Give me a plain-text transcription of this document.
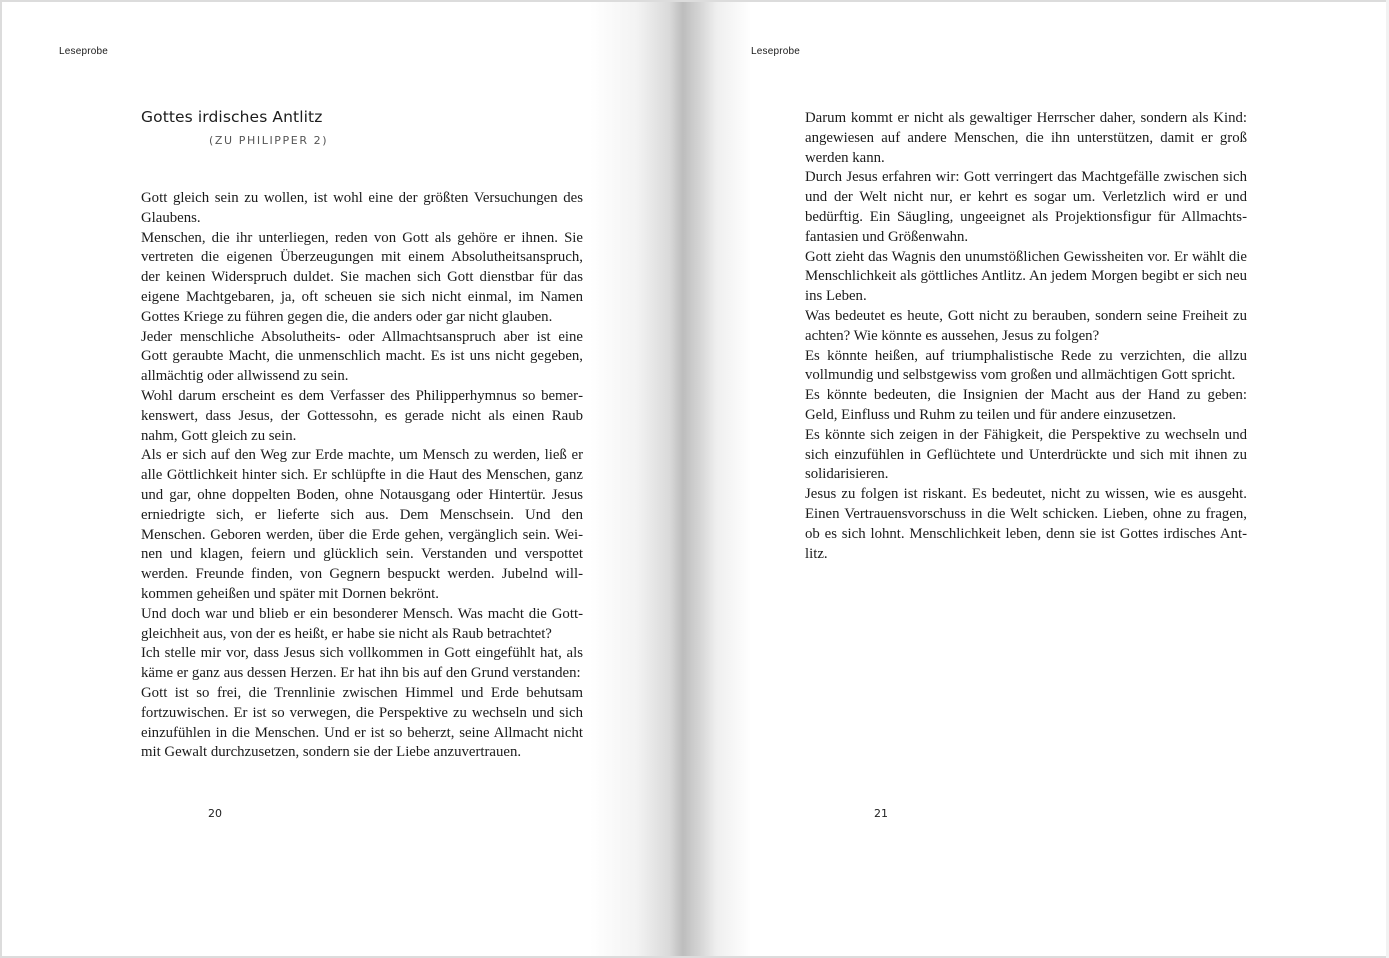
Leseprobe
Gottes irdisches Antlitz
(ZU PHILIPPER 2)

Gott gleich sein zu wollen, ist wohl eine der größten Versuchungen des Glaubens.

Menschen, die ihr unterliegen, reden von Gott als gehöre er ihnen. Sie vertreten die eigenen Überzeugungen mit einem Absolutheitsanspruch, der keinen Widerspruch duldet. Sie machen sich Gott dienstbar für das eigene Machtgebaren, ja, oft scheuen sie sich nicht einmal, im Namen Gottes Kriege zu führen gegen die, die anders oder gar nicht glauben.

Jeder menschliche Absolutheits- oder Allmachtsanspruch aber ist eine Gott geraubte Macht, die unmenschlich macht. Es ist uns nicht gegeben, allmächtig oder allwissend zu sein.

Wohl darum erscheint es dem Verfasser des Philipperhymnus so bemerkenswert, dass Jesus, der Gottessohn, es gerade nicht als einen Raub nahm, Gott gleich zu sein.

Als er sich auf den Weg zur Erde machte, um Mensch zu werden, ließ er alle Göttlichkeit hinter sich. Er schlüpfte in die Haut des Menschen, ganz und gar, ohne doppelten Boden, ohne Notausgang oder Hintertür. Jesus erniedrigte sich, er lieferte sich aus. Dem Menschsein. Und den Menschen. Geboren werden, über die Erde gehen, vergänglich sein. Weinen und klagen, feiern und glücklich sein. Verstanden und verspottet werden. Freunde finden, von Gegnern bespuckt werden. Jubelnd willkommen geheißen und später mit Dornen bekrönt.

Und doch war und blieb er ein besonderer Mensch. Was macht die Gottgleichheit aus, von der es heißt, er habe sie nicht als Raub betrachtet?

Ich stelle mir vor, dass Jesus sich vollkommen in Gott eingefühlt hat, als käme er ganz aus dessen Herzen. Er hat ihn bis auf den Grund verstanden:

Gott ist so frei, die Trennlinie zwischen Himmel und Erde behutsam fortzuwischen. Er ist so verwegen, die Perspektive zu wechseln und sich einzufühlen in die Menschen. Und er ist so beherzt, seine Allmacht nicht mit Gewalt durchzusetzen, sondern sie der Liebe anzuvertrauen.

20
Leseprobe

Darum kommt er nicht als gewaltiger Herrscher daher, sondern als Kind: angewiesen auf andere Menschen, die ihn unterstützen, damit er groß werden kann.

Durch Jesus erfahren wir: Gott verringert das Machtgefälle zwischen sich und der Welt nicht nur, er kehrt es sogar um. Verletzlich wird er und bedürftig. Ein Säugling, ungeeignet als Projektionsfigur für Allmachtsfantasien und Größenwahn.

Gott zieht das Wagnis den unumstößlichen Gewissheiten vor. Er wählt die Menschlichkeit als göttliches Antlitz. An jedem Morgen begibt er sich neu ins Leben.

Was bedeutet es heute, Gott nicht zu berauben, sondern seine Freiheit zu achten? Wie könnte es aussehen, Jesus zu folgen?

Es könnte heißen, auf triumphalistische Rede zu verzichten, die allzu vollmundig und selbstgewiss vom großen und allmächtigen Gott spricht.

Es könnte bedeuten, die Insignien der Macht aus der Hand zu geben: Geld, Einfluss und Ruhm zu teilen und für andere einzusetzen.

Es könnte sich zeigen in der Fähigkeit, die Perspektive zu wechseln und sich einzufühlen in Geflüchtete und Unterdrückte und sich mit ihnen zu solidarisieren.

Jesus zu folgen ist riskant. Es bedeutet, nicht zu wissen, wie es ausgeht. Einen Vertrauensvorschuss in die Welt schicken. Lieben, ohne zu fragen, ob es sich lohnt. Menschlichkeit leben, denn sie ist Gottes irdisches Antlitz.

21
